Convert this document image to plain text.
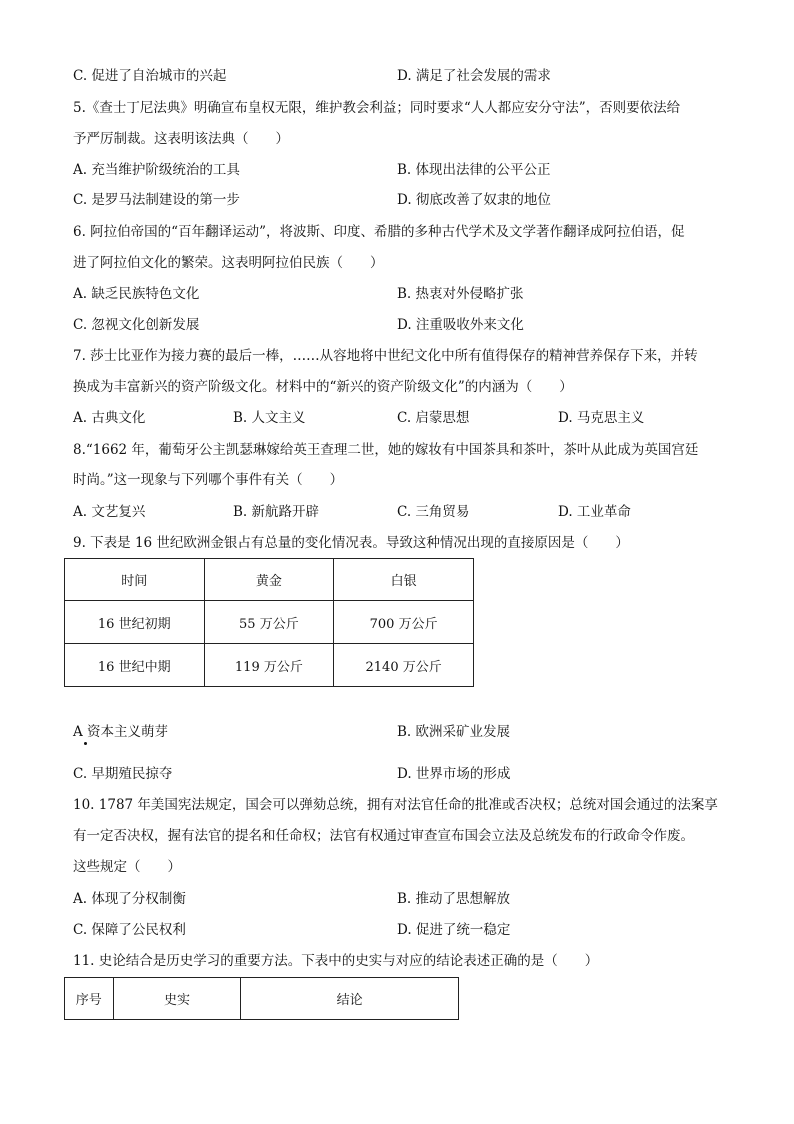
C. 促进了自治城市的兴起	D. 满足了社会发展的需求
5.《查士丁尼法典》明确宣布皇权无限，维护教会利益；同时要求“人人都应安分守法”，否则要依法给
予严厉制裁。这表明该法典（　　）
A. 充当维护阶级统治的工具	B. 体现出法律的公平公正
C. 是罗马法制建设的第一步	D. 彻底改善了奴隶的地位
6. 阿拉伯帝国的“百年翻译运动”，将波斯、印度、希腊的多种古代学术及文学著作翻译成阿拉伯语，促
进了阿拉伯文化的繁荣。这表明阿拉伯民族（　　）
A. 缺乏民族特色文化	B. 热衷对外侵略扩张
C. 忽视文化创新发展	D. 注重吸收外来文化
7. 莎士比亚作为接力赛的最后一棒，……从容地将中世纪文化中所有值得保存的精神营养保存下来，并转
换成为丰富新兴的资产阶级文化。材料中的“新兴的资产阶级文化”的内涵为（　　）
A. 古典文化	B. 人文主义	C. 启蒙思想	D. 马克思主义
8.“1662 年，葡萄牙公主凯瑟琳嫁给英王查理二世，她的嫁妆有中国茶具和茶叶，茶叶从此成为英国宫廷
时尚。”这一现象与下列哪个事件有关（　　）
A. 文艺复兴	B. 新航路开辟	C. 三角贸易	D. 工业革命
9. 下表是 16 世纪欧洲金银占有总量的变化情况表。导致这种情况出现的直接原因是（　　）
时间	黄金	白银
16 世纪初期	55 万公斤	700 万公斤
16 世纪中期	119 万公斤	2140 万公斤
A 资本主义萌芽	B. 欧洲采矿业发展
C. 早期殖民掠夺	D. 世界市场的形成
10. 1787 年美国宪法规定，国会可以弹劾总统，拥有对法官任命的批准或否决权；总统对国会通过的法案享
有一定否决权，握有法官的提名和任命权；法官有权通过审查宣布国会立法及总统发布的行政命令作废。
这些规定（　　）
A. 体现了分权制衡	B. 推动了思想解放
C. 保障了公民权利	D. 促进了统一稳定
11. 史论结合是历史学习的重要方法。下表中的史实与对应的结论表述正确的是（　　）
序号	史实	结论
